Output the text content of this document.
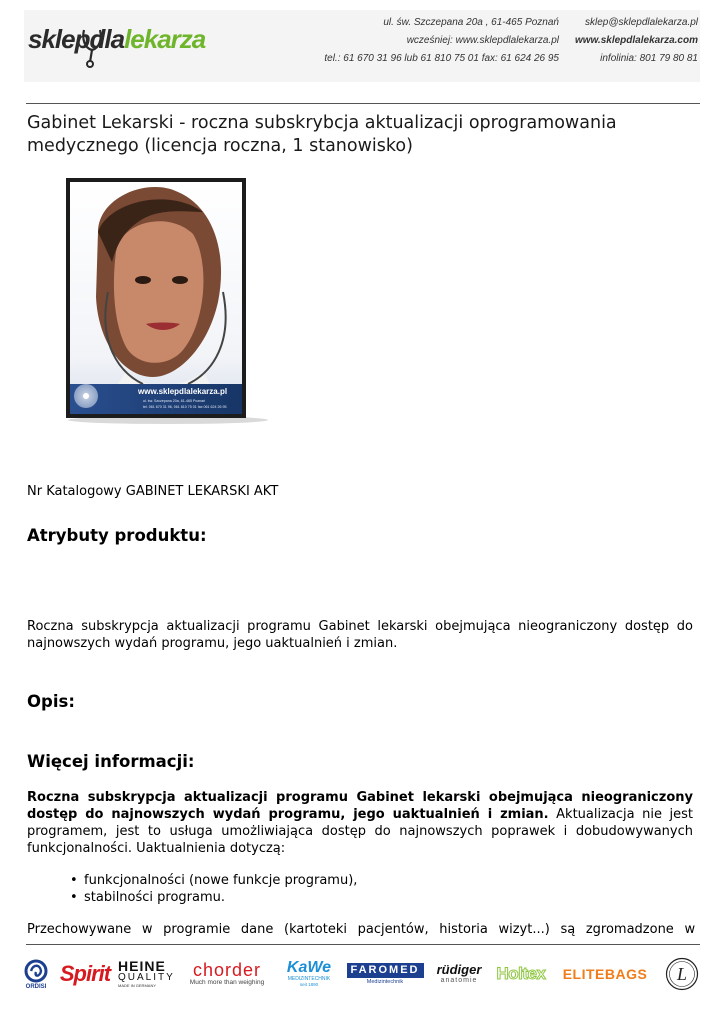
sklepdlalekarza
ul. św. Szczepana 20a , 61-465 Poznań
wcześniej: www.sklepdlalekarza.pl
tel.: 61 670 31 96 lub 61 810 75 01 fax: 61 624 26 95
sklep@sklepdlalekarza.pl
www.sklepdlalekarza.com
infolinia: 801 79 80 81
Gabinet Lekarski - roczna subskrybcja aktualizacji oprogramowania medycznego (licencja roczna, 1 stanowisko)
www.sklepdlalekarza.pl
ul. św. Szczepana 20a, 61-465 Poznań
tel. 061 670 31 96, 061 810 75 01 fax 061 624 26 95
Nr Katalogowy GABINET LEKARSKI AKT
Atrybuty produktu:
Roczna subskrypcja aktualizacji programu Gabinet lekarski obejmująca nieograniczony dostęp do najnowszych wydań programu, jego uaktualnień i zmian.
Opis:
Więcej informacji:
Roczna subskrypcja aktualizacji programu Gabinet lekarski obejmująca nieograniczony dostęp do najnowszych wydań programu, jego uaktualnień i zmian. Aktualizacja nie jest programem, jest to usługa umożliwiająca dostęp do najnowszych poprawek i dobudowywanych funkcjonalności. Uaktualnienia dotyczą:
• funkcjonalności (nowe funkcje programu),
• stabilności programu.
Przechowywane w programie dane (kartoteki pacjentów, historia wizyt...) są zgromadzone w
ORDISI
Spirit HEINE
QUALITY
MADE IN GERMANY
chorder
Much more than weighing
KaWe
MEDIZINTECHNIK
seit 1890
FAROMED
Medizintechnik
rüdiger
anatomie Holtex ELITEBAGS L
